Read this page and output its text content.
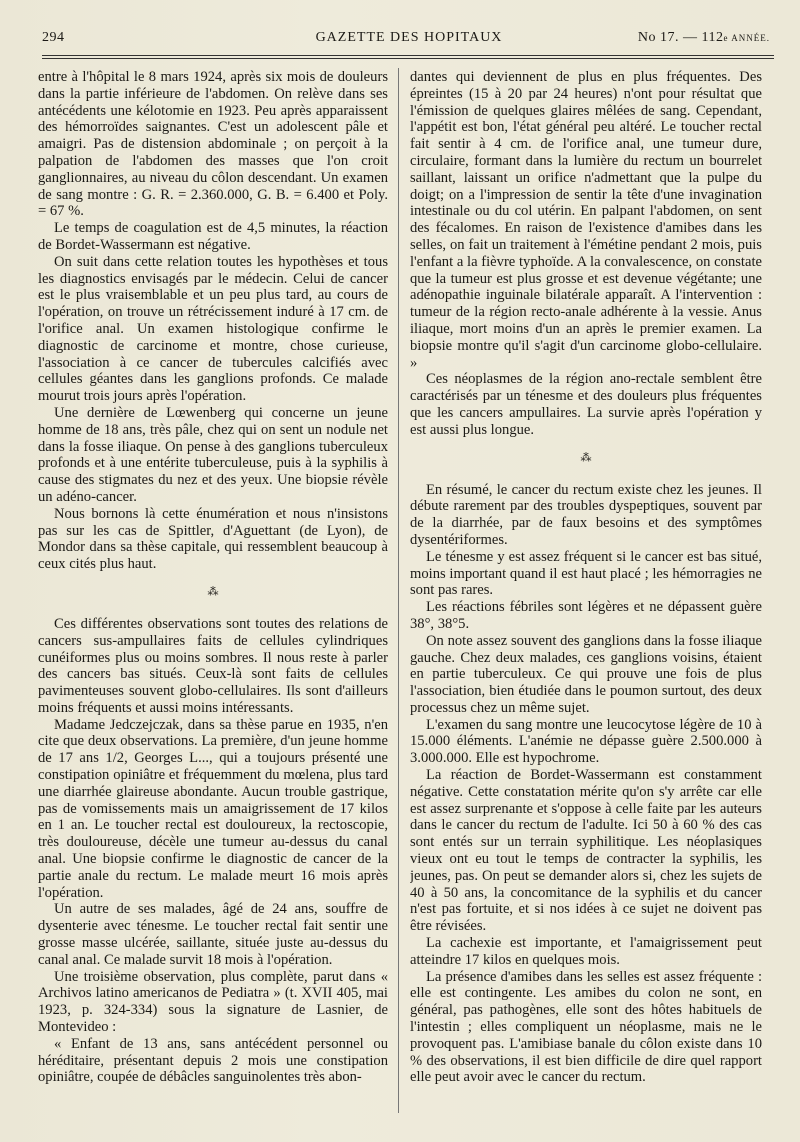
294	GAZETTE DES HOPITAUX	No 17. — 112e ANNÉE.

entre à l'hôpital le 8 mars 1924, après six mois de douleurs dans la partie inférieure de l'abdomen. On relève dans ses antécédents une kélotomie en 1923. Peu après apparaissent des hémorroïdes saignantes. C'est un adolescent pâle et amaigri. Pas de distension abdominale ; on perçoit à la palpation de l'abdomen des masses que l'on croit ganglionnaires, au niveau du côlon descendant. Un examen de sang montre : G. R. = 2.360.000, G. B. = 6.400 et Poly. = 67 %.

Le temps de coagulation est de 4,5 minutes, la réaction de Bordet-Wassermann est négative.

On suit dans cette relation toutes les hypothèses et tous les diagnostics envisagés par le médecin. Celui de cancer est le plus vraisemblable et un peu plus tard, au cours de l'opération, on trouve un rétrécissement induré à 17 cm. de l'orifice anal. Un examen histologique confirme le diagnostic de carcinome et montre, chose curieuse, l'association à ce cancer de tubercules calcifiés avec cellules géantes dans les ganglions profonds. Ce malade mourut trois jours après l'opération.

Une dernière de Lœwenberg qui concerne un jeune homme de 18 ans, très pâle, chez qui on sent un nodule net dans la fosse iliaque. On pense à des ganglions tuberculeux profonds et à une entérite tuberculeuse, puis à la syphilis à cause des stigmates du nez et des yeux. Une biopsie révèle un adéno-cancer.

Nous bornons là cette énumération et nous n'insistons pas sur les cas de Spittler, d'Aguettant (de Lyon), de Mondor dans sa thèse capitale, qui ressemblent beaucoup à ceux cités plus haut.

⁂

Ces différentes observations sont toutes des relations de cancers sus-ampullaires faits de cellules cylindriques cunéiformes plus ou moins sombres. Il nous reste à parler des cancers bas situés. Ceux-là sont faits de cellules pavimenteuses souvent globo-cellulaires. Ils sont d'ailleurs moins fréquents et aussi moins intéressants.

Madame Jedczejczak, dans sa thèse parue en 1935, n'en cite que deux observations. La première, d'un jeune homme de 17 ans 1/2, Georges L..., qui a toujours présenté une constipation opiniâtre et fréquemment du mœlena, plus tard une diarrhée glaireuse abondante. Aucun trouble gastrique, pas de vomissements mais un amaigrissement de 17 kilos en 1 an. Le toucher rectal est douloureux, la rectoscopie, très douloureuse, décèle une tumeur au-dessus du canal anal. Une biopsie confirme le diagnostic de cancer de la partie anale du rectum. Le malade meurt 16 mois après l'opération.

Un autre de ses malades, âgé de 24 ans, souffre de dysenterie avec ténesme. Le toucher rectal fait sentir une grosse masse ulcérée, saillante, située juste au-dessus du canal anal. Ce malade survit 18 mois à l'opération.

Une troisième observation, plus complète, parut dans « Archivos latino americanos de Pediatra » (t. XVII 405, mai 1923, p. 324-334) sous la signature de Lasnier, de Montevideo :

« Enfant de 13 ans, sans antécédent personnel ou héréditaire, présentant depuis 2 mois une constipation opiniâtre, coupée de débâcles sanguinolentes très abon-

dantes qui deviennent de plus en plus fréquentes. Des épreintes (15 à 20 par 24 heures) n'ont pour résultat que l'émission de quelques glaires mêlées de sang. Cependant, l'appétit est bon, l'état général peu altéré. Le toucher rectal fait sentir à 4 cm. de l'orifice anal, une tumeur dure, circulaire, formant dans la lumière du rectum un bourrelet saillant, laissant un orifice n'admettant que la pulpe du doigt; on a l'impression de sentir la tête d'une invagination intestinale ou du col utérin. En palpant l'abdomen, on sent des fécalomes. En raison de l'existence d'amibes dans les selles, on fait un traitement à l'émétine pendant 2 mois, puis l'enfant a la fièvre typhoïde. A la convalescence, on constate que la tumeur est plus grosse et est devenue végétante; une adénopathie inguinale bilatérale apparaît. A l'intervention : tumeur de la région recto-anale adhérente à la vessie. Anus iliaque, mort moins d'un an après le premier examen. La biopsie montre qu'il s'agit d'un carcinome globo-cellulaire. »

Ces néoplasmes de la région ano-rectale semblent être caractérisés par un ténesme et des douleurs plus fréquentes que les cancers ampullaires. La survie après l'opération y est aussi plus longue.

⁂

En résumé, le cancer du rectum existe chez les jeunes. Il débute rarement par des troubles dyspeptiques, souvent par de la diarrhée, par de faux besoins et des symptômes dysentériformes.

Le ténesme y est assez fréquent si le cancer est bas situé, moins important quand il est haut placé ; les hémorragies ne sont pas rares.

Les réactions fébriles sont légères et ne dépassent guère 38°, 38°5.

On note assez souvent des ganglions dans la fosse iliaque gauche. Chez deux malades, ces ganglions voisins, étaient en partie tuberculeux. Ce qui prouve une fois de plus l'association, bien étudiée dans le poumon surtout, des deux processus chez un même sujet.

L'examen du sang montre une leucocytose légère de 10 à 15.000 éléments. L'anémie ne dépasse guère 2.500.000 à 3.000.000. Elle est hypochrome.

La réaction de Bordet-Wassermann est constamment négative. Cette constatation mérite qu'on s'y arrête car elle est assez surprenante et s'oppose à celle faite par les auteurs dans le cancer du rectum de l'adulte. Ici 50 à 60 % des cas sont entés sur un terrain syphilitique. Les néoplasiques vieux ont eu tout le temps de contracter la syphilis, les jeunes, pas. On peut se demander alors si, chez les sujets de 40 à 50 ans, la concomitance de la syphilis et du cancer n'est pas fortuite, et si nos idées à ce sujet ne doivent pas être révisées.

La cachexie est importante, et l'amaigrissement peut atteindre 17 kilos en quelques mois.

La présence d'amibes dans les selles est assez fréquente : elle est contingente. Les amibes du colon ne sont, en général, pas pathogènes, elle sont des hôtes habituels de l'intestin ; elles compliquent un néoplasme, mais ne le provoquent pas. L'amibiase banale du côlon existe dans 10 % des observations, il est bien difficile de dire quel rapport elle peut avoir avec le cancer du rectum.
